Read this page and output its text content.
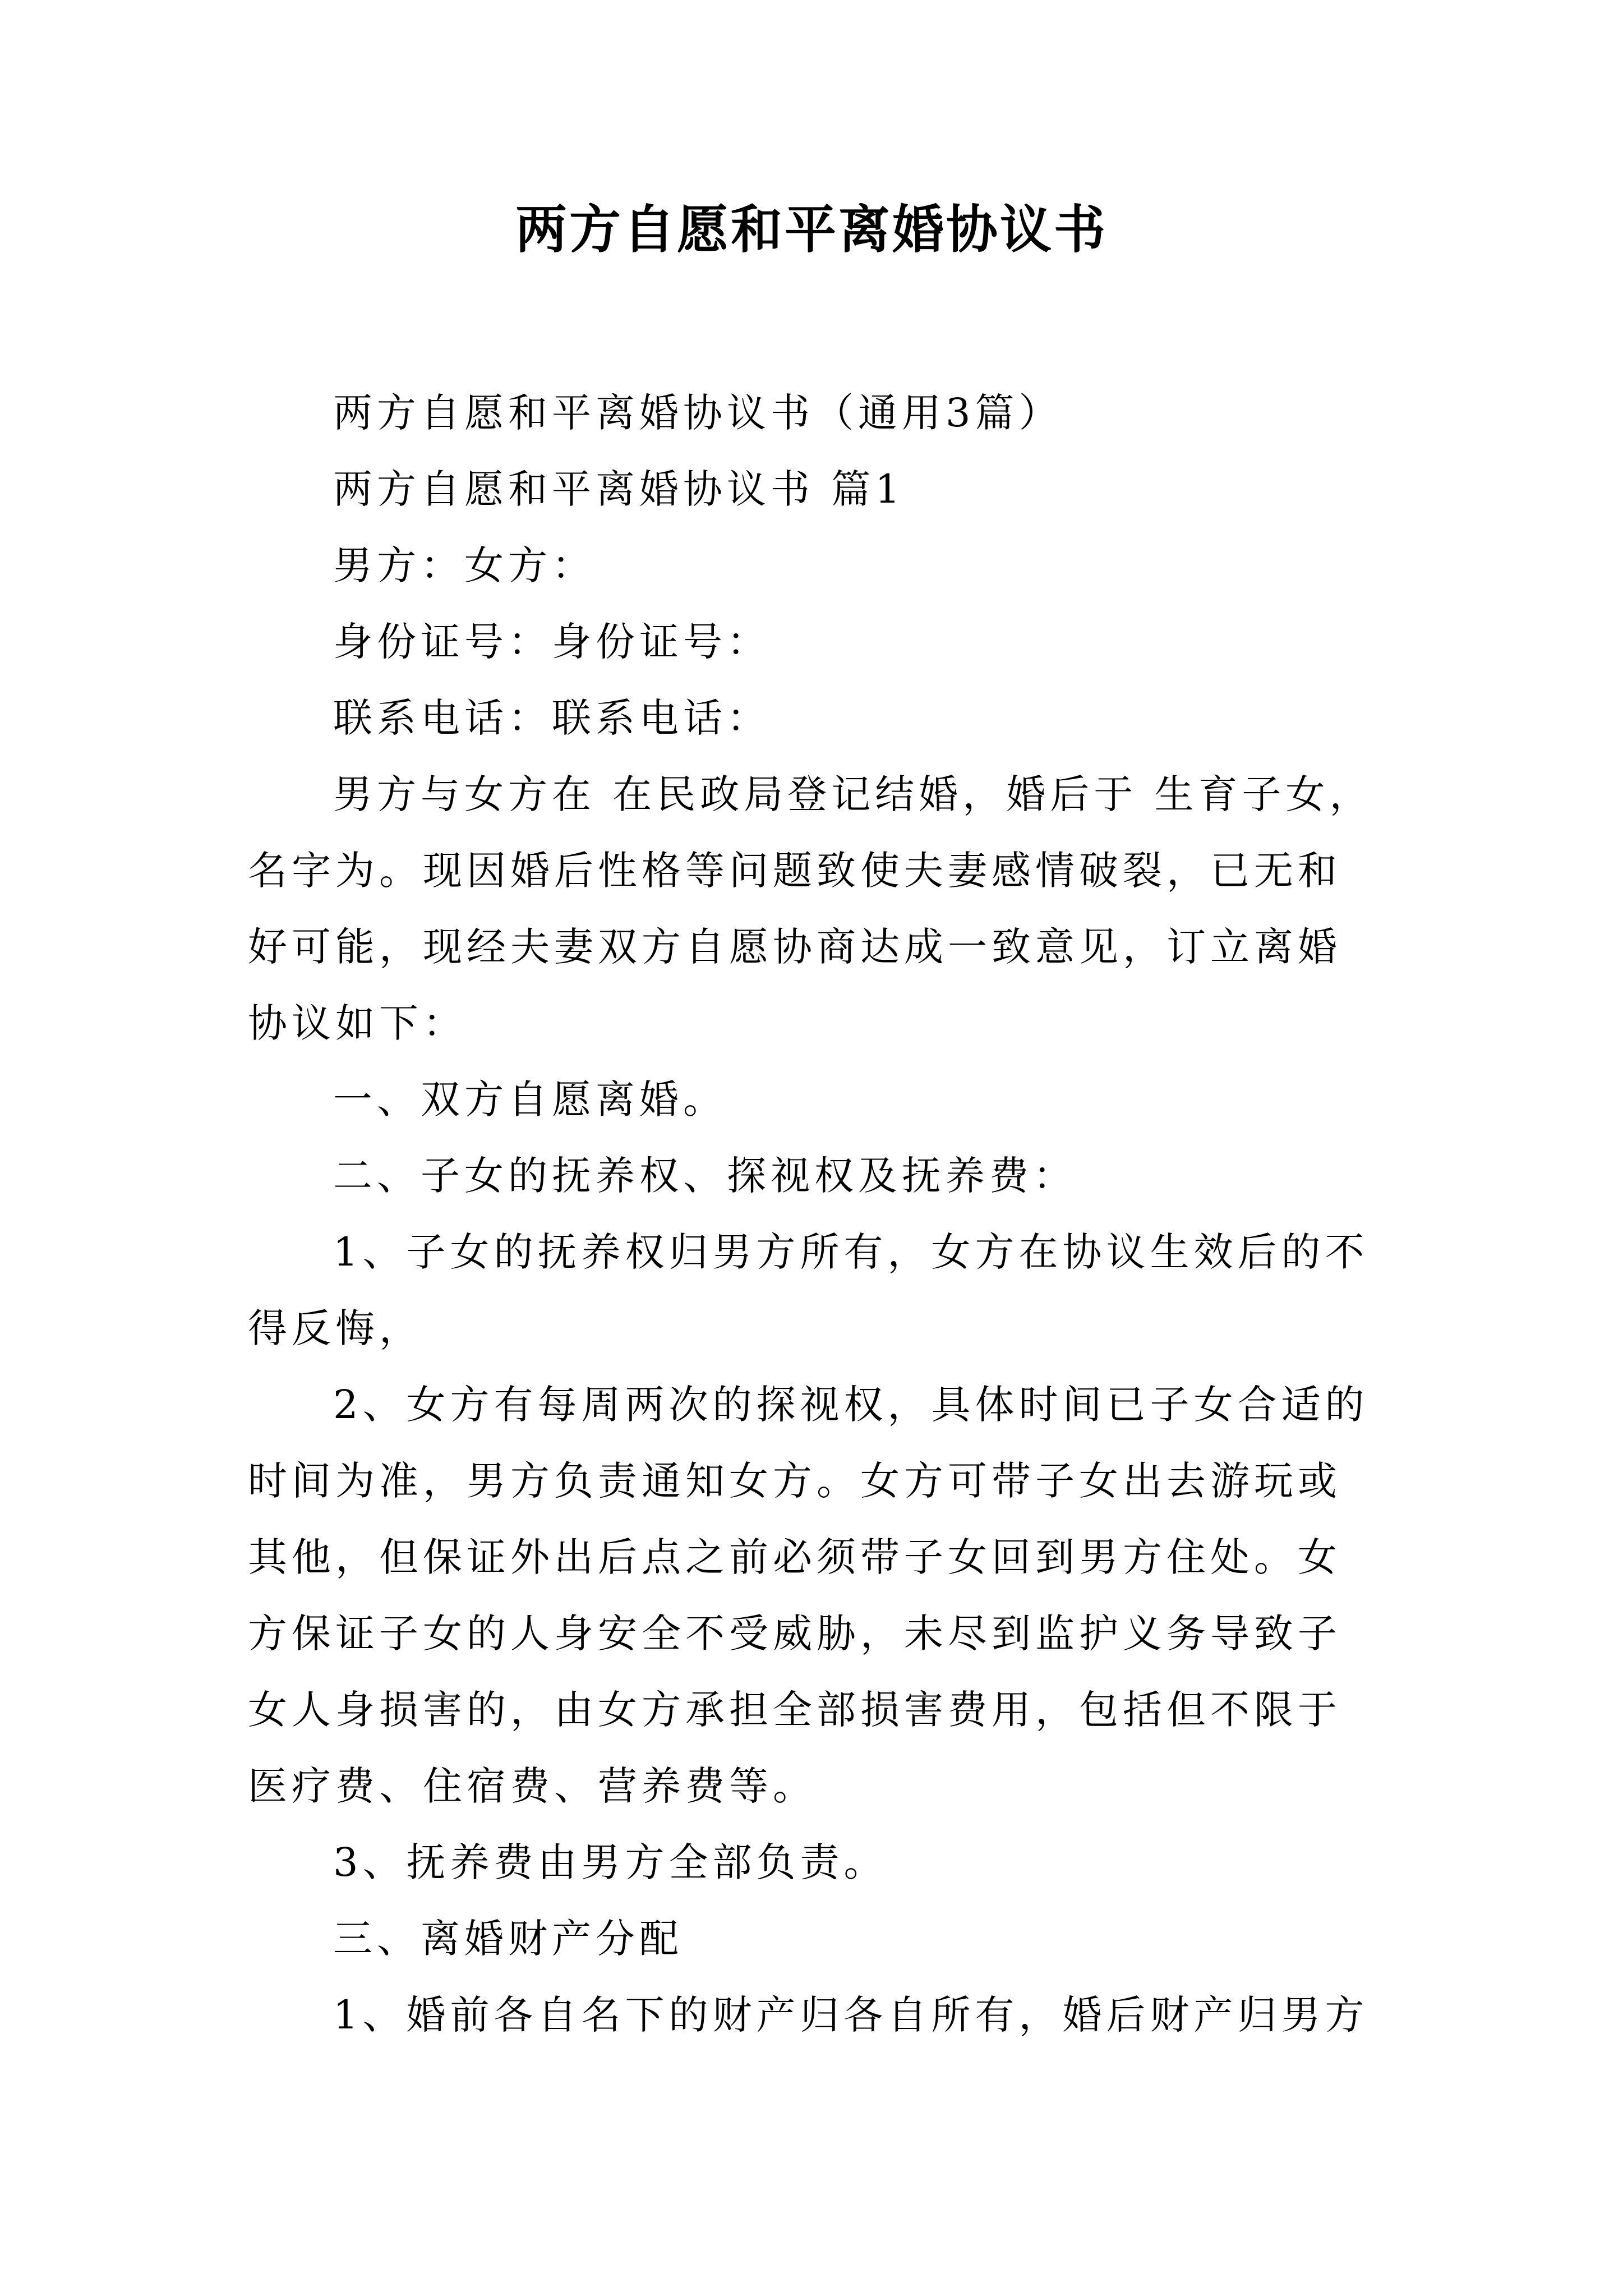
两方自愿和平离婚协议书

两方自愿和平离婚协议书（通用3篇）

两方自愿和平离婚协议书 篇1

男方：女方：

身份证号：身份证号：

联系电话：联系电话：

男方与女方在 在民政局登记结婚，婚后于 生育子女，名字为。现因婚后性格等问题致使夫妻感情破裂，已无和好可能，现经夫妻双方自愿协商达成一致意见，订立离婚协议如下：

一、双方自愿离婚。

二、子女的抚养权、探视权及抚养费：

1、子女的抚养权归男方所有，女方在协议生效后的不得反悔，

2、女方有每周两次的探视权，具体时间已子女合适的时间为准，男方负责通知女方。女方可带子女出去游玩或其他，但保证外出后点之前必须带子女回到男方住处。女方保证子女的人身安全不受威胁，未尽到监护义务导致子女人身损害的，由女方承担全部损害费用，包括但不限于医疗费、住宿费、营养费等。

3、抚养费由男方全部负责。

三、离婚财产分配

1、婚前各自名下的财产归各自所有，婚后财产归男方
